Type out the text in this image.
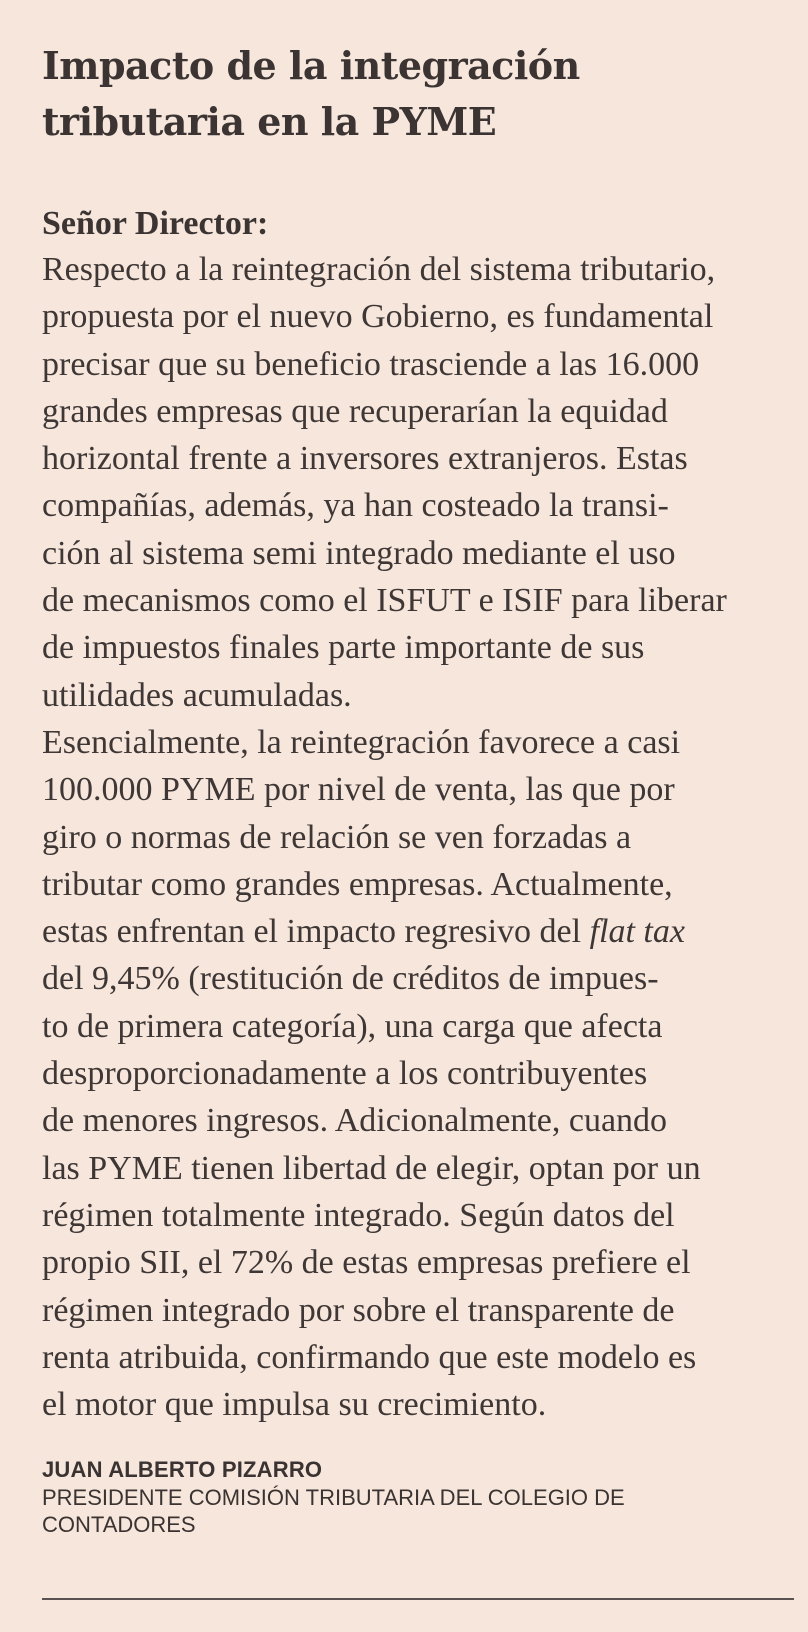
Impacto de la integración
tributaria en la PYME
Señor Director:
Respecto a la reintegración del sistema tributario,
propuesta por el nuevo Gobierno, es fundamental
precisar que su beneficio trasciende a las 16.000
grandes empresas que recuperarían la equidad
horizontal frente a inversores extranjeros. Estas
compañías, además, ya han costeado la transi-
ción al sistema semi integrado mediante el uso
de mecanismos como el ISFUT e ISIF para liberar
de impuestos finales parte importante de sus
utilidades acumuladas.
Esencialmente, la reintegración favorece a casi
100.000 PYME por nivel de venta, las que por
giro o normas de relación se ven forzadas a
tributar como grandes empresas. Actualmente,
estas enfrentan el impacto regresivo del flat tax
del 9,45% (restitución de créditos de impues-
to de primera categoría), una carga que afecta
desproporcionadamente a los contribuyentes
de menores ingresos. Adicionalmente, cuando
las PYME tienen libertad de elegir, optan por un
régimen totalmente integrado. Según datos del
propio SII, el 72% de estas empresas prefiere el
régimen integrado por sobre el transparente de
renta atribuida, confirmando que este modelo es
el motor que impulsa su crecimiento.
JUAN ALBERTO PIZARRO
PRESIDENTE COMISIÓN TRIBUTARIA DEL COLEGIO DE
CONTADORES
